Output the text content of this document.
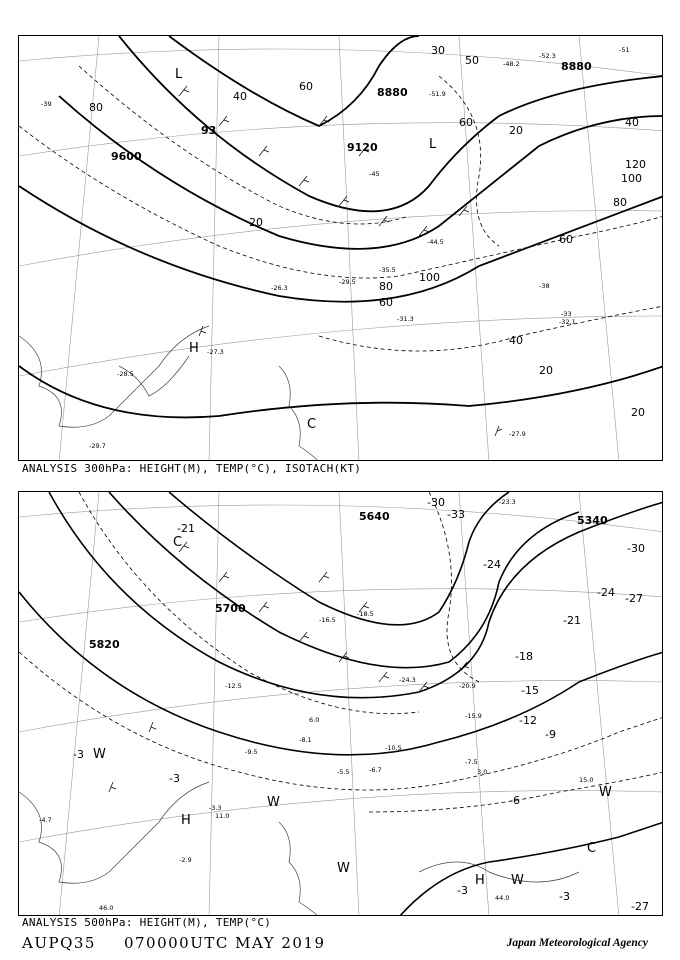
9600
9120
8880
8880
93
80
100
120
100
80
60
40
20
20
40
60
20
80
60
40
20
30
50
60
-27.3
-29.5
-31.3
-33
-32.1
-27.9
-28.5
-29.7
-39
-45
-51
-52.3
-51.9
-48.2
-44.5
-35.5
-26.3	-38
L
H
C
L
ANALYSIS 300hPa: HEIGHT(M), TEMP(°C), ISOTACH(KT)
5700
5820
5340
5640
-21
-24
-27
-30
-33
-30
-24
-21
-18
-15
-12
-9
-6
-3
-3
-3	-3
-27
-4.7
-2.9
-3.3
-5.5	-6.7
-7.5
-10.5
-15.9
-20.9
-24.3
-23.3
-18.5
-16.5
-12.5
-9.5
-8.1
11.0
3.0
44.0
46.0
6.0
15.0
C
W
W
W
W
H
H
C
W
ANALYSIS 500hPa: HEIGHT(M), TEMP(°C)
AUPQ35 070000UTC MAY 2019	Japan Meteorological Agency
